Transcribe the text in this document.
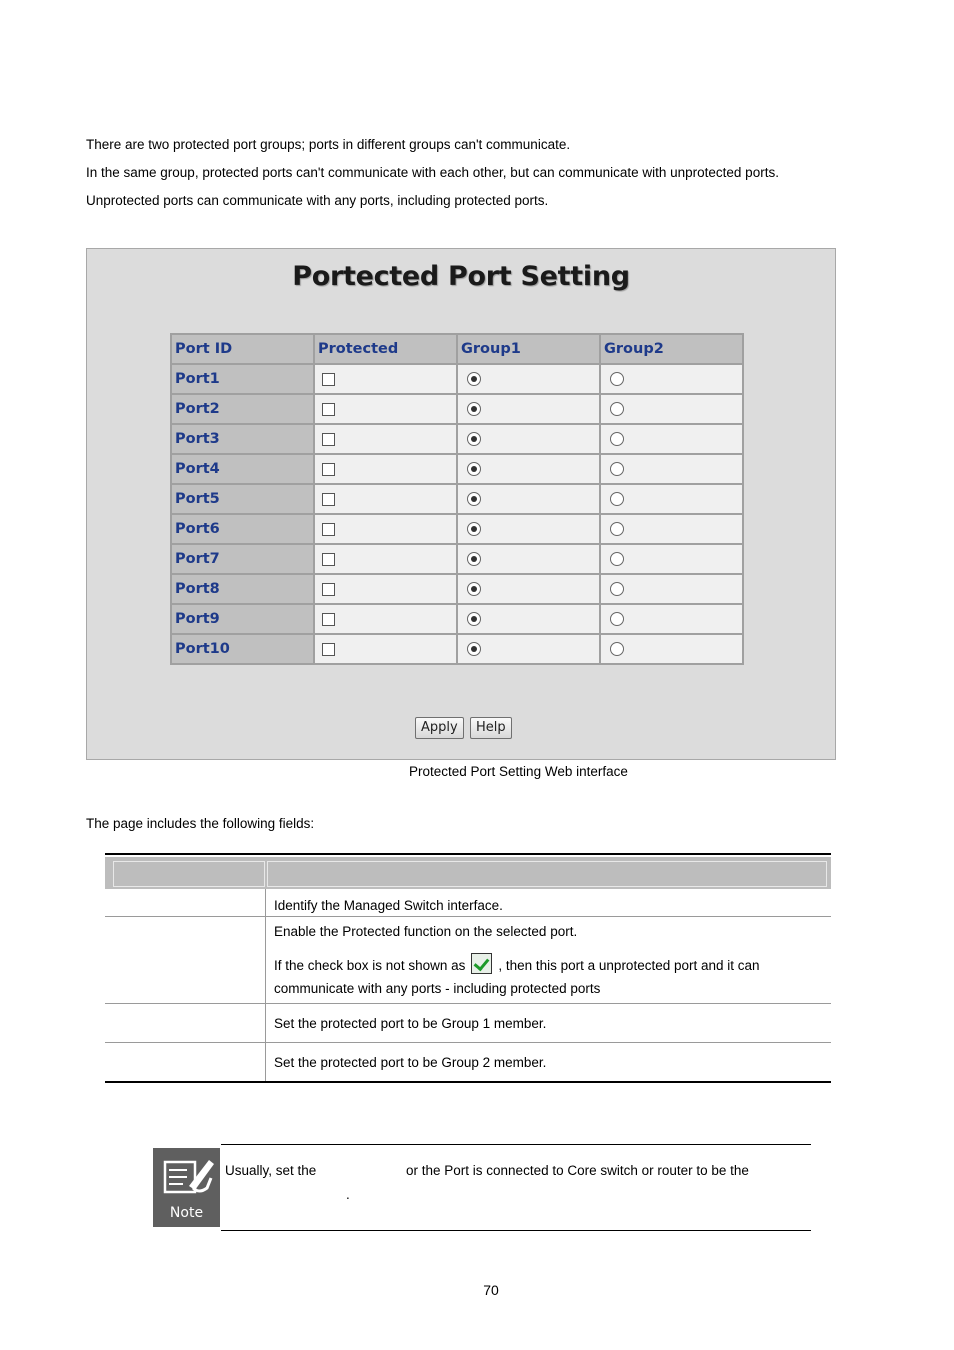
There are two protected port groups; ports in different groups can't communicate.
In the same group, protected ports can't communicate with each other, but can communicate with unprotected ports.
Unprotected ports can communicate with any ports, including protected ports.
Portected Port Setting
Port ID	Protected	Group1	Group2
Port1			
Port2			
Port3			
Port4			
Port5			
Port6			
Port7			
Port8			
Port9			
Port10			
Apply	Help
Protected Port Setting Web interface
The page includes the following fields:
Identify the Managed Switch interface.
Enable the Protected function on the selected port.
If the check box is not shown as , then this port a unprotected port and it can
communicate with any ports - including protected ports
Set the protected port to be Group 1 member.
Set the protected port to be Group 2 member.
Note
Usually, set the	or the Port is connected to Core switch or router to be the
.
70
